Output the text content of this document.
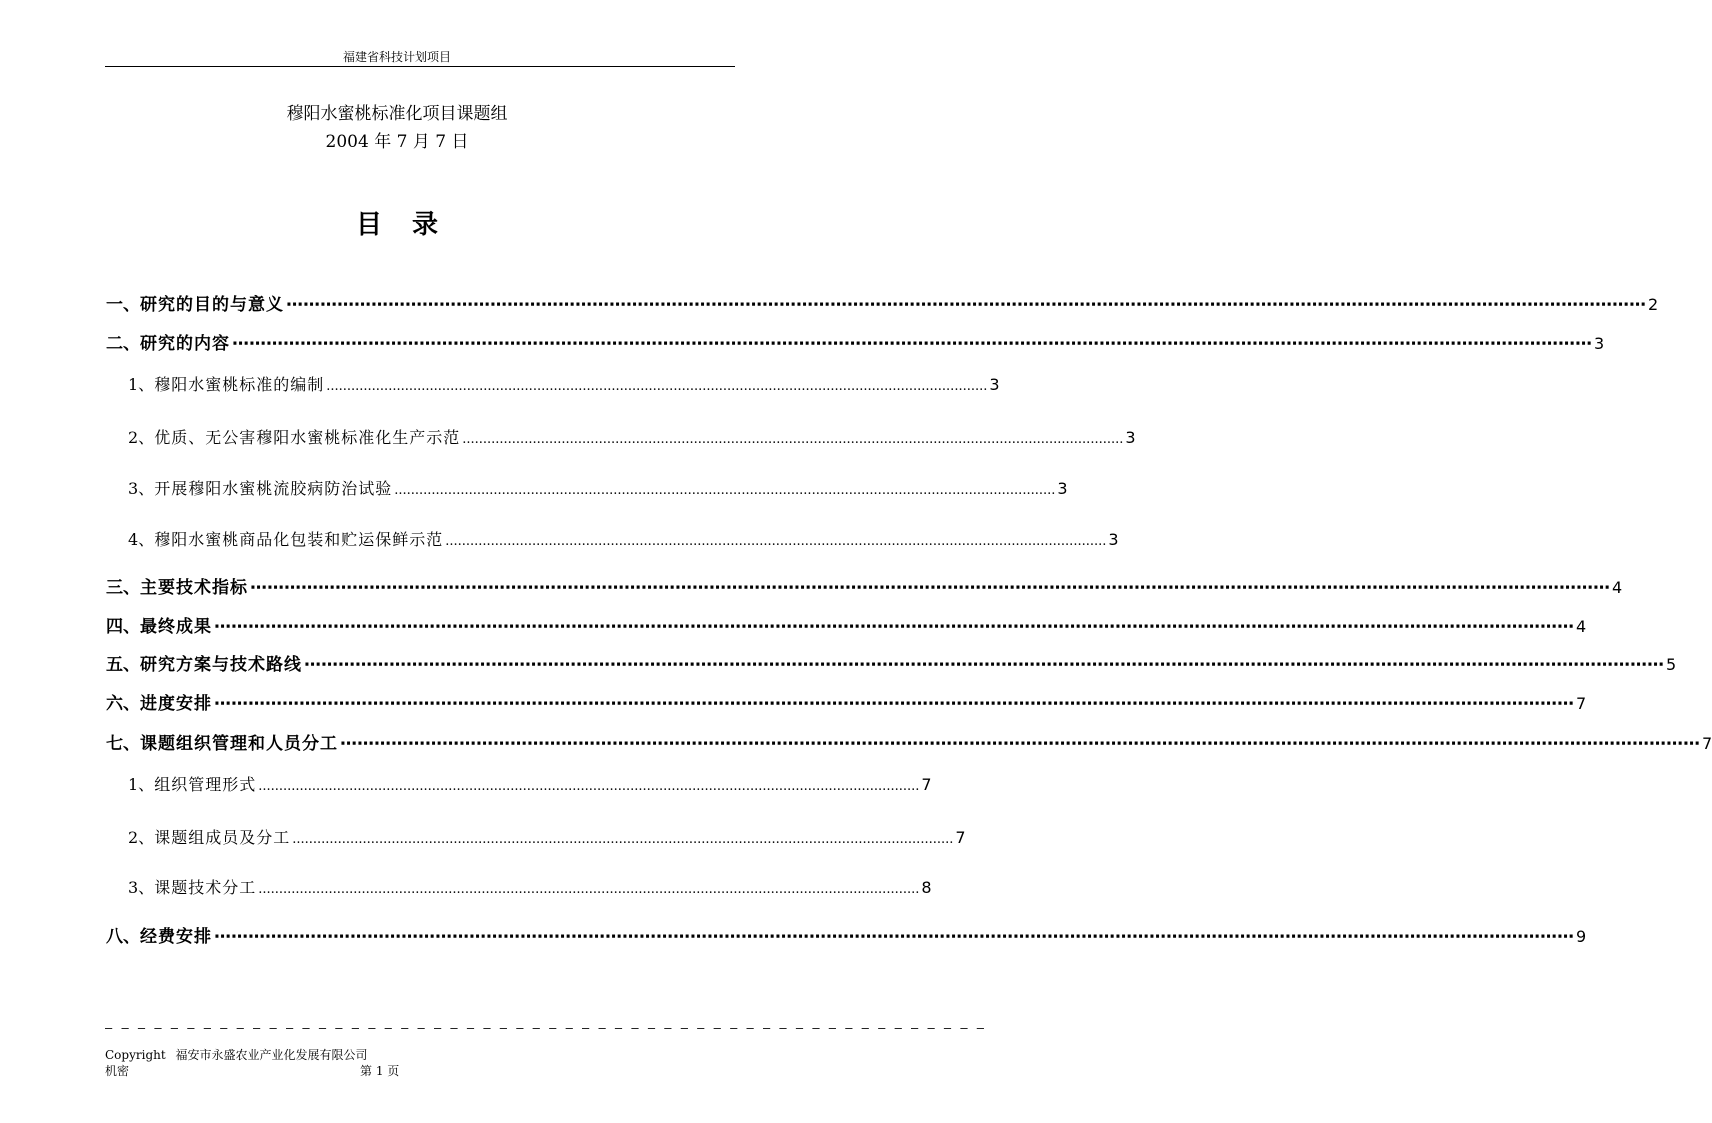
福建省科技计划项目
穆阳水蜜桃标准化项目课题组
2004 年 7 月 7 日
目录
一、 研究的目的与意义 ⋯⋯⋯⋯⋯⋯⋯⋯⋯⋯⋯⋯⋯⋯⋯⋯⋯⋯⋯⋯⋯⋯⋯⋯⋯⋯⋯⋯⋯⋯⋯⋯⋯⋯⋯⋯⋯⋯⋯⋯⋯⋯⋯⋯⋯⋯⋯⋯⋯⋯⋯⋯⋯⋯⋯⋯⋯⋯⋯⋯⋯⋯⋯⋯⋯⋯⋯⋯⋯⋯⋯⋯⋯⋯⋯⋯⋯⋯⋯⋯ 2
二、 研究的内容 ⋯⋯⋯⋯⋯⋯⋯⋯⋯⋯⋯⋯⋯⋯⋯⋯⋯⋯⋯⋯⋯⋯⋯⋯⋯⋯⋯⋯⋯⋯⋯⋯⋯⋯⋯⋯⋯⋯⋯⋯⋯⋯⋯⋯⋯⋯⋯⋯⋯⋯⋯⋯⋯⋯⋯⋯⋯⋯⋯⋯⋯⋯⋯⋯⋯⋯⋯⋯⋯⋯⋯⋯⋯⋯⋯⋯⋯⋯⋯⋯ 3
1、 穆阳水蜜桃标准的编制 ................................................................................................................................................................ 3
2、 优质、无公害穆阳水蜜桃标准化生产示范 ................................................................................................................................................................ 3
3、 开展穆阳水蜜桃流胶病防治试验 ................................................................................................................................................................ 3
4、 穆阳水蜜桃商品化包装和贮运保鲜示范 ................................................................................................................................................................ 3
三、 主要技术指标 ⋯⋯⋯⋯⋯⋯⋯⋯⋯⋯⋯⋯⋯⋯⋯⋯⋯⋯⋯⋯⋯⋯⋯⋯⋯⋯⋯⋯⋯⋯⋯⋯⋯⋯⋯⋯⋯⋯⋯⋯⋯⋯⋯⋯⋯⋯⋯⋯⋯⋯⋯⋯⋯⋯⋯⋯⋯⋯⋯⋯⋯⋯⋯⋯⋯⋯⋯⋯⋯⋯⋯⋯⋯⋯⋯⋯⋯⋯⋯⋯ 4
四、 最终成果 ⋯⋯⋯⋯⋯⋯⋯⋯⋯⋯⋯⋯⋯⋯⋯⋯⋯⋯⋯⋯⋯⋯⋯⋯⋯⋯⋯⋯⋯⋯⋯⋯⋯⋯⋯⋯⋯⋯⋯⋯⋯⋯⋯⋯⋯⋯⋯⋯⋯⋯⋯⋯⋯⋯⋯⋯⋯⋯⋯⋯⋯⋯⋯⋯⋯⋯⋯⋯⋯⋯⋯⋯⋯⋯⋯⋯⋯⋯⋯⋯ 4
五、 研究方案与技术路线 ⋯⋯⋯⋯⋯⋯⋯⋯⋯⋯⋯⋯⋯⋯⋯⋯⋯⋯⋯⋯⋯⋯⋯⋯⋯⋯⋯⋯⋯⋯⋯⋯⋯⋯⋯⋯⋯⋯⋯⋯⋯⋯⋯⋯⋯⋯⋯⋯⋯⋯⋯⋯⋯⋯⋯⋯⋯⋯⋯⋯⋯⋯⋯⋯⋯⋯⋯⋯⋯⋯⋯⋯⋯⋯⋯⋯⋯⋯⋯⋯ 5
六、 进度安排 ⋯⋯⋯⋯⋯⋯⋯⋯⋯⋯⋯⋯⋯⋯⋯⋯⋯⋯⋯⋯⋯⋯⋯⋯⋯⋯⋯⋯⋯⋯⋯⋯⋯⋯⋯⋯⋯⋯⋯⋯⋯⋯⋯⋯⋯⋯⋯⋯⋯⋯⋯⋯⋯⋯⋯⋯⋯⋯⋯⋯⋯⋯⋯⋯⋯⋯⋯⋯⋯⋯⋯⋯⋯⋯⋯⋯⋯⋯⋯⋯ 7
七、 课题组织管理和人员分工 ⋯⋯⋯⋯⋯⋯⋯⋯⋯⋯⋯⋯⋯⋯⋯⋯⋯⋯⋯⋯⋯⋯⋯⋯⋯⋯⋯⋯⋯⋯⋯⋯⋯⋯⋯⋯⋯⋯⋯⋯⋯⋯⋯⋯⋯⋯⋯⋯⋯⋯⋯⋯⋯⋯⋯⋯⋯⋯⋯⋯⋯⋯⋯⋯⋯⋯⋯⋯⋯⋯⋯⋯⋯⋯⋯⋯⋯⋯⋯⋯ 7
1、 组织管理形式 ................................................................................................................................................................ 7
2、 课题组成员及分工 ................................................................................................................................................................ 7
3、 课题技术分工 ................................................................................................................................................................ 8
八、 经费安排 ⋯⋯⋯⋯⋯⋯⋯⋯⋯⋯⋯⋯⋯⋯⋯⋯⋯⋯⋯⋯⋯⋯⋯⋯⋯⋯⋯⋯⋯⋯⋯⋯⋯⋯⋯⋯⋯⋯⋯⋯⋯⋯⋯⋯⋯⋯⋯⋯⋯⋯⋯⋯⋯⋯⋯⋯⋯⋯⋯⋯⋯⋯⋯⋯⋯⋯⋯⋯⋯⋯⋯⋯⋯⋯⋯⋯⋯⋯⋯⋯ 9
– – – – – – – – – – – – – – – – – – – – – – – – – – – – – – – – – – – – – – – – – – – – – – – – – – – – – –
Copyright 福安市永盛农业产业化发展有限公司
机密	第 1 页
